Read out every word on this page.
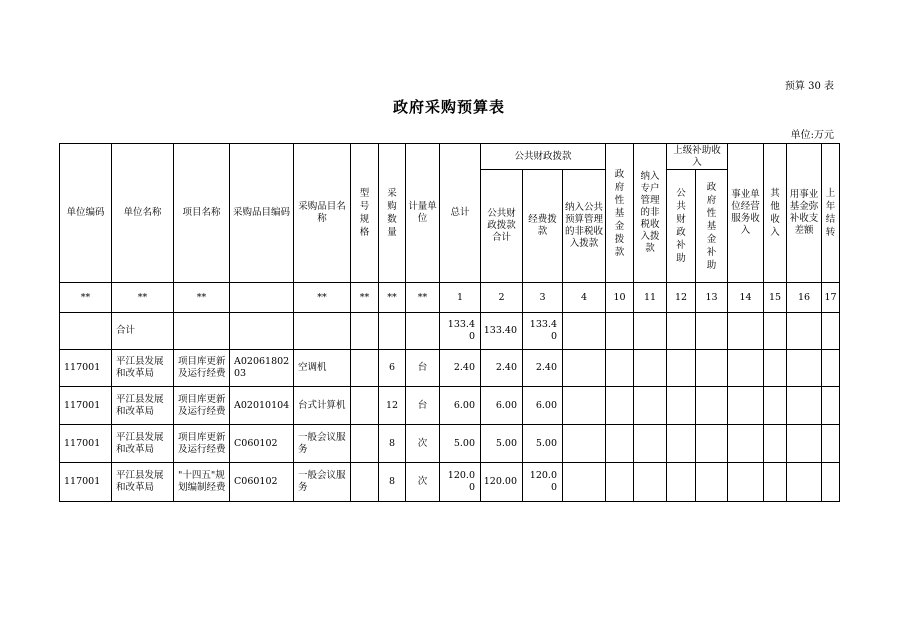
预算 30 表
政府采购预算表
单位:万元
单位编码	单位名称	项目名称	采购品目编码	采购品目名称	型号规格	采购数量	计量单位	总计	公共财政拨款			政府性基金拨款	纳入专户管理的非税收入拨款	上级补助收入		事业单位经营服务收入	其他收入	用事业基金弥补收支差额	上年结转

									公共财政拨款合计	经费拨款	纳入公共预算管理的非税收入拨款			公共财政补助	政府性基金补助				

**	**	**		**	**	**	**	1	2	3	4	10	11	12	13	14	15	16	17
	合计							133.40	133.40	133.40									
117001	平江县发展和改革局	项目库更新及运行经费	A0206180203	空调机		6	台	2.40	2.40	2.40									
117001	平江县发展和改革局	项目库更新及运行经费	A02010104	台式计算机		12	台	6.00	6.00	6.00									
117001	平江县发展和改革局	项目库更新及运行经费	C060102	一般会议服务		8	次	5.00	5.00	5.00									
117001	平江县发展和改革局	"十四五"规划编制经费	C060102	一般会议服务		8	次	120.00	120.00	120.00									
